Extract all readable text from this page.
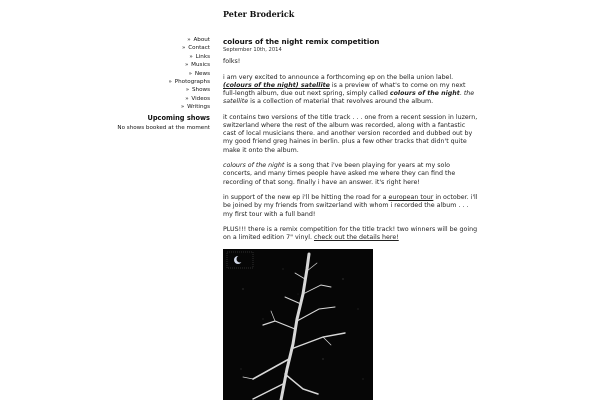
Peter Broderick
» About
» Contact
» Links
» Musics
» News
» Photographs
» Shows
» Videos
» Writings
Upcoming shows

No shows booked at the moment

colours of the night remix competition
September 10th, 2014

folks!

i am very excited to announce a forthcoming ep on the bella union label. (colours of the night) satellite is a preview of what's to come on my next full-length album, due out next spring, simply called colours of the night. the satellite is a collection of material that revolves around the album.

it contains two versions of the title track . . . one from a recent session in luzern, switzerland where the rest of the album was recorded, along with a fantastic cast of local musicians there. and another version recorded and dubbed out by my good friend greg haines in berlin. plus a few other tracks that didn't quite make it onto the album.

colours of the night is a song that i've been playing for years at my solo concerts, and many times people have asked me where they can find the recording of that song. finally i have an answer. it's right here!

in support of the new ep i'll be hitting the road for a european tour in october. i'll be joined by my friends from switzerland with whom i recorded the album . . . my first tour with a full band!

PLUS!!! there is a remix competition for the title track! two winners will be going on a limited edition 7" vinyl. check out the details here!
